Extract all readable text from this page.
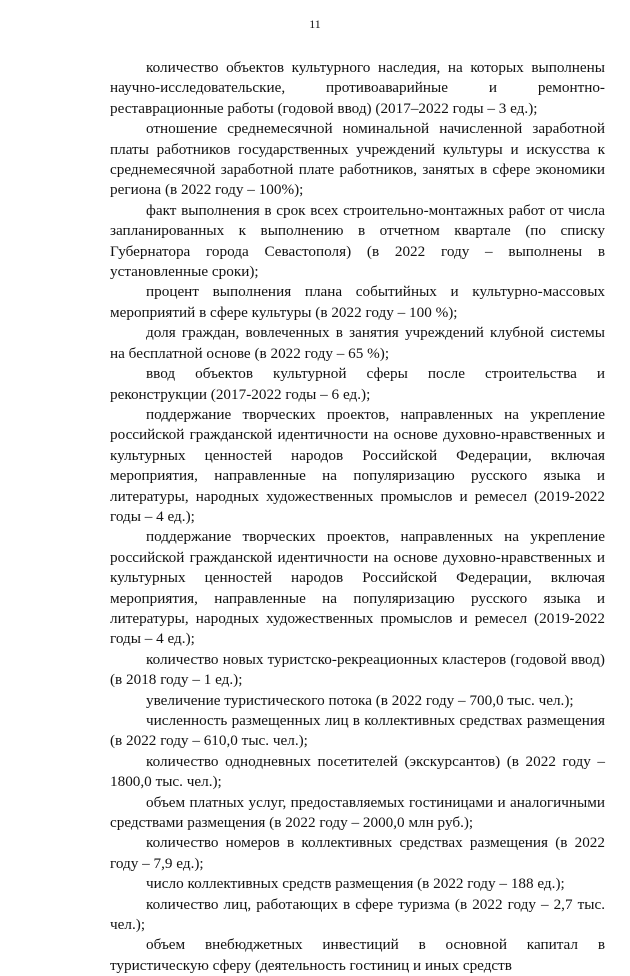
11

количество объектов культурного наследия, на которых выполнены научно-исследовательские, противоаварийные и ремонтно-реставрационные работы (годовой ввод) (2017–2022 годы – 3 ед.);

отношение среднемесячной номинальной начисленной заработной платы работников государственных учреждений культуры и искусства к среднемесячной заработной плате работников, занятых в сфере экономики региона (в 2022 году – 100%);

факт выполнения в срок всех строительно-монтажных работ от числа запланированных к выполнению в отчетном квартале (по списку Губернатора города Севастополя) (в 2022 году – выполнены в установленные сроки);

процент выполнения плана событийных и культурно-массовых мероприятий в сфере культуры (в 2022 году – 100 %);

доля граждан, вовлеченных в занятия учреждений клубной системы на бесплатной основе (в 2022 году – 65 %);

ввод объектов культурной сферы после строительства и реконструкции (2017-2022 годы – 6 ед.);

поддержание творческих проектов, направленных на укрепление российской гражданской идентичности на основе духовно-нравственных и культурных ценностей народов Российской Федерации, включая мероприятия, направленные на популяризацию русского языка и литературы, народных художественных промыслов и ремесел (2019-2022 годы – 4 ед.);

поддержание творческих проектов, направленных на укрепление российской гражданской идентичности на основе духовно-нравственных и культурных ценностей народов Российской Федерации, включая мероприятия, направленные на популяризацию русского языка и литературы, народных художественных промыслов и ремесел (2019-2022 годы – 4 ед.);

количество новых туристско-рекреационных кластеров (годовой ввод) (в 2018 году – 1 ед.);

увеличение туристического потока (в 2022 году – 700,0 тыс. чел.);

численность размещенных лиц в коллективных средствах размещения (в 2022 году – 610,0 тыс. чел.);

количество однодневных посетителей (экскурсантов) (в 2022 году – 1800,0 тыс. чел.);

объем платных услуг, предоставляемых гостиницами и аналогичными средствами размещения (в 2022 году – 2000,0 млн руб.);

количество номеров в коллективных средствах размещения (в 2022 году – 7,9 ед.);

число коллективных средств размещения (в 2022 году – 188 ед.);

количество лиц, работающих в сфере туризма (в 2022 году – 2,7 тыс. чел.);

объем внебюджетных инвестиций в основной капитал в туристическую сферу (деятельность гостиниц и иных средств
